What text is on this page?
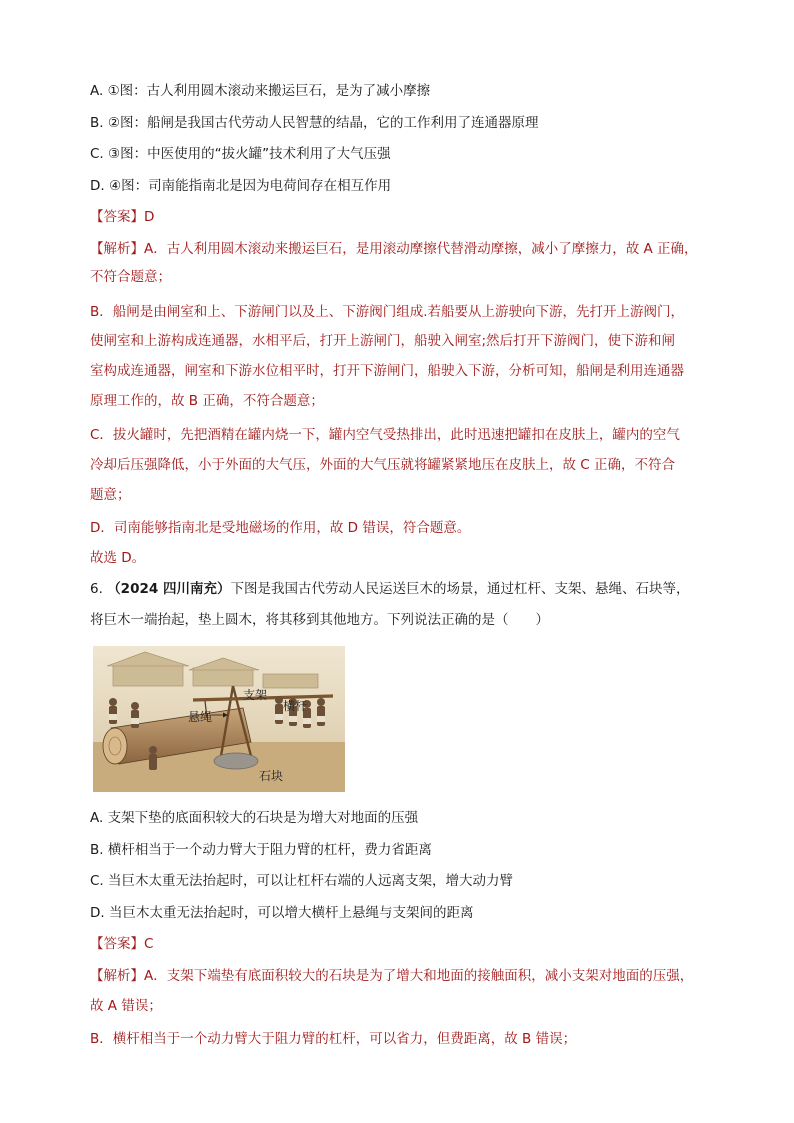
A. ①图：古人利用圆木滚动来搬运巨石，是为了减小摩擦
B. ②图：船闸是我国古代劳动人民智慧的结晶，它的工作利用了连通器原理
C. ③图：中医使用的“拔火罐”技术利用了大气压强
D. ④图：司南能指南北是因为电荷间存在相互作用
【答案】D
【解析】A．古人利用圆木滚动来搬运巨石，是用滚动摩擦代替滑动摩擦，减小了摩擦力，故 A 正确，
不符合题意；
B．船闸是由闸室和上、下游闸门以及上、下游阀门组成.若船要从上游驶向下游，先打开上游阀门，
使闸室和上游构成连通器，水相平后，打开上游闸门，船驶入闸室;然后打开下游阀门，使下游和闸
室构成连通器，闸室和下游水位相平时，打开下游闸门，船驶入下游，分析可知，船闸是利用连通器
原理工作的，故 B 正确，不符合题意；
C．拔火罐时，先把酒精在罐内烧一下，罐内空气受热排出，此时迅速把罐扣在皮肤上，罐内的空气
冷却后压强降低，小于外面的大气压，外面的大气压就将罐紧紧地压在皮肤上，故 C 正确，不符合
题意；
D．司南能够指南北是受地磁场的作用，故 D 错误，符合题意。
故选 D。
6. （2024 四川南充）下图是我国古代劳动人民运送巨木的场景，通过杠杆、支架、悬绳、石块等，
将巨木一端抬起，垫上圆木，将其移到其他地方。下列说法正确的是（　　）
支架
横杆
悬绳
石块
A. 支架下垫的底面积较大的石块是为增大对地面的压强
B. 横杆相当于一个动力臂大于阻力臂的杠杆，费力省距离
C. 当巨木太重无法抬起时，可以让杠杆右端的人远离支架，增大动力臂
D. 当巨木太重无法抬起时，可以增大横杆上悬绳与支架间的距离
【答案】C
【解析】A．支架下端垫有底面积较大的石块是为了增大和地面的接触面积，减小支架对地面的压强，
故 A 错误；
B．横杆相当于一个动力臂大于阻力臂的杠杆，可以省力，但费距离，故 B 错误；
